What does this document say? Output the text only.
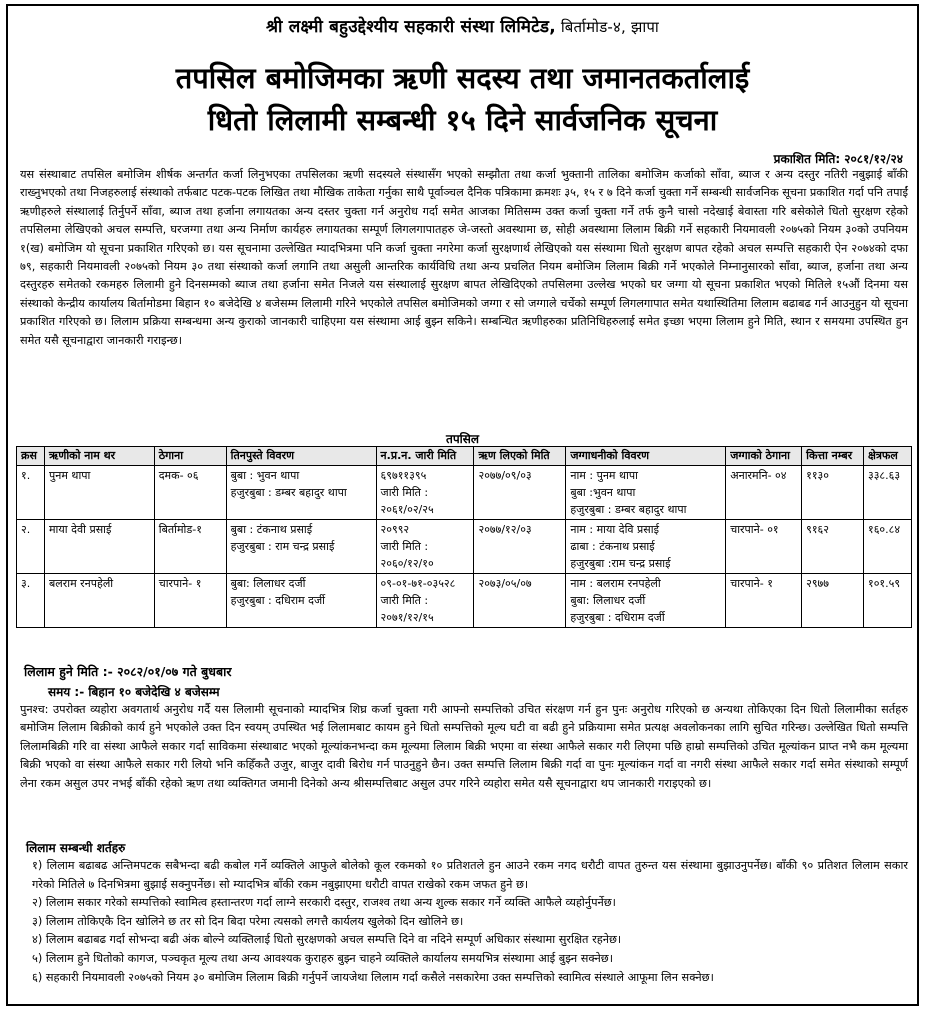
श्री लक्ष्मी बहुउद्देश्यीय सहकारी संस्था लिमिटेड, बिर्तामोड-४, झापा
तपसिल बमोजिमका ऋणी सदस्य तथा जमानतकर्तालाई
धितो लिलामी सम्बन्धी १५ दिने सार्वजनिक सूचना
प्रकाशित मिति: २०८१/१२/२४
यस संस्थाबाट तपसिल बमोजिम शीर्षक अन्तर्गत कर्जा लिनुभएका तपसिलका ऋणी सदस्यले संस्थासँग भएको सम्झौता तथा कर्जा भुक्तानी तालिका बमोजिम कर्जाको साँवा, ब्याज र अन्य दस्तुर नतिरी नबुझाई बाँकी राख्नुभएको तथा निजहरुलाई संस्थाको तर्फबाट पटक-पटक लिखित तथा मौखिक ताकेता गर्नुका साथै पूर्वाञ्चल दैनिक पत्रिकामा क्रमशः ३५, १५ र ७ दिने कर्जा चुक्ता गर्ने सम्बन्धी सार्वजनिक सूचना प्रकाशित गर्दा पनि तपाईं ऋणीहरुले संस्थालाई तिर्नुपर्ने साँवा, ब्याज तथा हर्जाना लगायतका अन्य दस्तर चुक्ता गर्न अनुरोध गर्दा समेत आजका मितिसम्म उक्त कर्जा चुक्ता गर्ने तर्फ कुनै चासो नदेखाई बेवास्ता गरि बसेकोले धितो सुरक्षण रहेको तपसिलमा लेखिएको अचल सम्पत्ति, घरजग्गा तथा अन्य निर्माण कार्यहरु लगायतका सम्पूर्ण लिगलगापातहरु जे-जस्तो अवस्थामा छ, सोही अवस्थामा लिलाम बिक्री गर्ने सहकारी नियमावली २०७५को नियम ३०को उपनियम १(ख) बमोजिम यो सूचना प्रकाशित गरिएको छ। यस सूचनामा उल्लेखित म्यादभित्रमा पनि कर्जा चुक्ता नगरेमा कर्जा सुरक्षणार्थ लेखिएको यस संस्थामा धितो सुरक्षण बापत रहेको अचल सम्पत्ति सहकारी ऐन २०७४को दफा ७९, सहकारी नियमावली २०७५को नियम ३० तथा संस्थाको कर्जा लगानि तथा असुली आन्तरिक कार्यविधि तथा अन्य प्रचलित नियम बमोजिम लिलाम बिक्री गर्ने भएकोले निम्नानुसारको साँवा, ब्याज, हर्जाना तथा अन्य दस्तुरहरु समेतको रकमहरु लिलामी हुने दिनसम्मको ब्याज तथा हर्जाना समेत निजले यस संस्थालाई सुरक्षण बापत लेखिदिएको तपसिलमा उल्लेख भएको घर जग्गा यो सूचना प्रकाशित भएको मितिले १५औं दिनमा यस संस्थाको केन्द्रीय कार्यालय बिर्तामोडमा बिहान १० बजेदेखि ४ बजेसम्म लिलामी गरिने भएकोले तपसिल बमोजिमको जग्गा र सो जग्गाले चर्चेको सम्पूर्ण लिगलगापात समेत यथास्थितिमा लिलाम बढाबढ गर्न आउनुहुन यो सूचना प्रकाशित गरिएको छ। लिलाम प्रक्रिया सम्बन्धमा अन्य कुराको जानकारी चाहिएमा यस संस्थामा आई बुझ्न सकिने। सम्बन्धित ऋणीहरुका प्रतिनिधिहरुलाई समेत इच्छा भएमा लिलाम हुने मिति, स्थान र समयमा उपस्थित हुन समेत यसै सूचनाद्वारा जानकारी गराइन्छ।
तपसिल
क्रस	ऋणीको नाम थर	ठेगाना	तिनपुस्ते विवरण	न.प्र.न. जारी मिति	ऋण लिएको मिति	जग्गाधनीको विवरण	जग्गाको ठेगाना	कित्ता नम्बर	क्षेत्रफल
१.	पुनम थापा	दमक- ०६	बुबा : भुवन थापा
हजुरबुबा : डम्बर बहादुर थापा	६९७११३९५
जारी मिति :
२०६१/०२/२५	२०७७/०९/०३	नाम : पुनम थापा
बुबा :भुवन थापा
हजुरबुबा : डम्बर बहादुर थापा	अनारमनि- ०४	११३०	३३८.६३
२.	माया देवी प्रसाई	बिर्तामोड-१	बुबा : टंकनाथ प्रसाई
हजुरबुबा : राम चन्द्र प्रसाई	२०९९२
जारी मिति :
२०६०/१२/१०	२०७७/१२/०३	नाम : माया देवि प्रसाई
ढाबा : टंकनाथ प्रसाई
हजुरबुबा :राम चन्द्र प्रसाई	चारपाने- ०१	९१६२	१६०.८४
३.	बलराम रनपहेली	चारपाने- १	बुबा: लिलाधर दर्जी
हजुरबुबा : दधिराम दर्जी	०९-०१-७१-०३५२८
जारी मिति :
२०७१/१२/१५	२०७३/०५/०७	नाम : बलराम रनपहेली
बुबा: लिलाधर दर्जी
हजुरबुबा : दधिराम दर्जी	चारपाने- १	२९७७	१०१.५९
लिलाम हुने मिति :- २०८२/०१/०७ गते बुधबार
समय :- बिहान १० बजेदेखि ४ बजेसम्म
पुनश्च: उपरोक्त व्यहोरा अवगतार्थ अनुरोध गर्दै यस लिलामी सूचनाको म्यादभित्र शिघ्र कर्जा चुक्ता गरी आफ्नो सम्पत्तिको उचित संरक्षण गर्न हुन पुनः अनुरोध गरिएको छ अन्यथा तोकिएका दिन धितो लिलामीका सर्तहरु बमोजिम लिलाम बिक्रीको कार्य हुने भएकोले उक्त दिन स्वयम् उपस्थित भई लिलामबाट कायम हुने धितो सम्पत्तिको मूल्य घटी वा बढी हुने प्रक्रियामा समेत प्रत्यक्ष अवलोकनका लागि सुचित गरिन्छ। उल्लेखित धितो सम्पत्ति लिलामबिक्री गरि वा संस्था आफैले सकार गर्दा साविकमा संस्थाबाट भएको मूल्यांकनभन्दा कम मूल्यमा लिलाम बिक्री भएमा वा संस्था आफैले सकार गरी लिएमा पछि हाम्रो सम्पत्तिको उचित मूल्यांकन प्राप्त नभै कम मूल्यमा बिक्री भएको वा संस्था आफैले सकार गरी लियो भनि कहिँकतै उजुर, बाजुर दावी बिरोध गर्न पाउनुहुने छैन। उक्त सम्पत्ति लिलाम बिक्री गर्दा वा पुनः मूल्यांकन गर्दा वा नगरी संस्था आफैले सकार गर्दा समेत संस्थाको सम्पूर्ण लेना रकम असुल उपर नभई बाँकी रहेको ऋण तथा व्यक्तिगत जमानी दिनेको अन्य श्रीसम्पत्तिबाट असुल उपर गरिने व्यहोरा समेत यसै सूचनाद्वारा थप जानकारी गराइएको छ।
लिलाम सम्बन्धी शर्तहरु
१) लिलाम बढाबढ अन्तिमपटक सबैभन्दा बढी कबोल गर्ने व्यक्तिले आफुले बोलेको कूल रकमको १० प्रतिशतले हुन आउने रकम नगद धरौटी वापत तुरुन्त यस संस्थामा बुझाउनुपर्नेछ। बाँकी ९० प्रतिशत लिलाम सकार गरेको मितिले ७ दिनभित्रमा बुझाई सक्नुपर्नेछ। सो म्यादभित्र बाँकी रकम नबुझाएमा धरौटी वापत राखेको रकम जफत हुने छ।
२) लिलाम सकार गरेको सम्पत्तिको स्वामित्व हस्तान्तरण गर्दा लाग्ने सरकारी दस्तुर, राजश्व तथा अन्य शुल्क सकार गर्ने व्यक्ति आफैले व्यहोर्नुपर्नेछ।
३) लिलाम तोकिएकै दिन खोलिने छ तर सो दिन बिदा परेमा त्यसको लगत्तै कार्यलय खुलेको दिन खोलिने छ।
४) लिलाम बढाबढ गर्दा सोभन्दा बढी अंक बोल्ने व्यक्तिलाई धितो सुरक्षणको अचल सम्पत्ति दिने वा नदिने सम्पूर्ण अधिकार संस्थामा सुरक्षित रहनेछ।
५) लिलाम हुने धितोको कागज, पञ्चकृत मूल्य तथा अन्य आवश्यक कुराहरु बुझ्न चाहने व्यक्तिले कार्यालय समयभित्र संस्थामा आई बुझ्न सक्नेछ।
६) सहकारी नियमावली २०७५को नियम ३० बमोजिम लिलाम बिक्री गर्नुपर्ने जायजेथा लिलाम गर्दा कसैले नसकारेमा उक्त सम्पत्तिको स्वामित्व संस्थाले आफूमा लिन सक्नेछ।
